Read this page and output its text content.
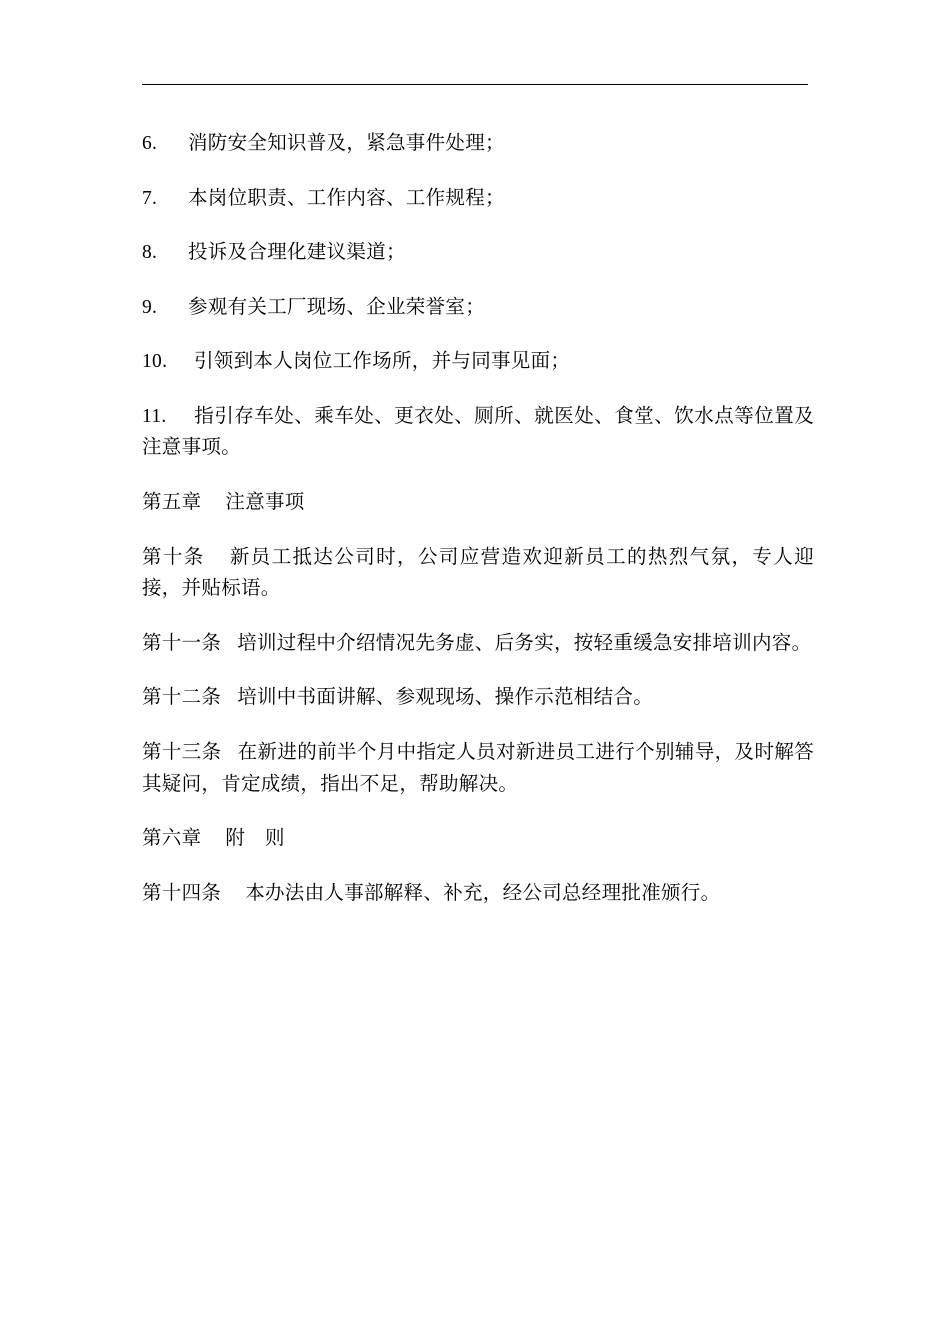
6. 消防安全知识普及，紧急事件处理；
7. 本岗位职责、工作内容、工作规程；
8. 投诉及合理化建议渠道；
9. 参观有关工厂现场、企业荣誉室；
10. 引领到本人岗位工作场所，并与同事见面；
11. 指引存车处、乘车处、更衣处、厕所、就医处、食堂、饮水点等位置及注意事项。
第五章 注意事项
第十条 新员工抵达公司时，公司应营造欢迎新员工的热烈气氛，专人迎接，并贴标语。
第十一条 培训过程中介绍情况先务虚、后务实，按轻重缓急安排培训内容。
第十二条 培训中书面讲解、参观现场、操作示范相结合。
第十三条 在新进的前半个月中指定人员对新进员工进行个别辅导，及时解答其疑问，肯定成绩，指出不足，帮助解决。
第六章 附　则
第十四条 本办法由人事部解释、补充，经公司总经理批准颁行。
